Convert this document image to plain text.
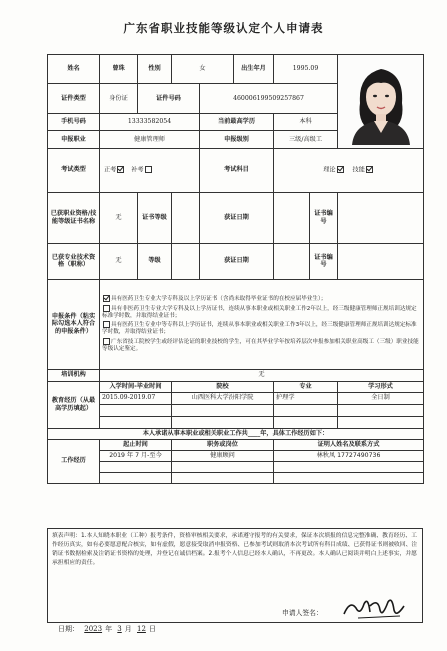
广东省职业技能等级认定个人申请表
姓名	曾珠	性别	女		出生年月	1995.09	

证件类型	身份证	证件号码		460006199509257867				
手机号码	13333582054			当前最高学历		本科		
申报职业	健康管理师			申报级别		三级/高级工		
考试类型	正考 补考			考试科目		理论 技能		
已获职业资格/技能等级证书名称	无	证书等级		获证日期			证书编号	
已获专业技术资格（职称）	无	等级		获证日期			证书编号	
申报条件（粘实际勾选本人符合的申报条件）	具有医药卫生专业大学专科及以上学历证书（含尚未取得毕业证书的在校应届毕业生）；

具有非医药卫生专业大学专科及以上学历证书，连续从事本职业或相关职业工作2年以上，经三级健康管理师正规培训达规定标准学时数，并取得结业证书；

具有医药卫生专业中等专科以上学历证书，连续从事本职业或相关职业工作3年以上，经三级健康管理师正规培训达规定标准学时数，并取得结业证书；

广东省技工院校学生或经评估论证的职业技校的学生，可在其毕业学年按培养层次申报参加相关职业高级工（三级）职业技能等级认定鉴定。							

培训机构	无							
教育经历（从最高学历填起）	入学时间-毕业时间		院校			专业		学习形式
	2015.09-2019.07		山西医科大学汾阳学院			护理学		全日制

本人承诺从事本职业或相关职业工作共____年，具体工作经历如下：								
工作经历	起止时间		职务或岗位			证明人姓名及联系方式		
	2019 年 7 月-至今		健康顾问			林秋凤 17727490736		

填表声明：1.本人知晓本职业（工种）报考条件，资格审核相关要求，承诺遵守报考的有关要求，保证本次填报的信息完整准确、教育经历、工作经历真实，如有必要愿意配合核实，如有虚假，愿意接受取消申报资格、已参加考试则取消本次考试所有科目成绩、已获得证书则被收回、注销证书数据检索及注销证书资格的处理，并登记在诚信档案。2.报考个人信息已经本人确认，不再更改。本人确认已阅读并明白上述事实，并愿承担相应的责任。
申请人签名：
日期： 2023 年 3 月 12 日
